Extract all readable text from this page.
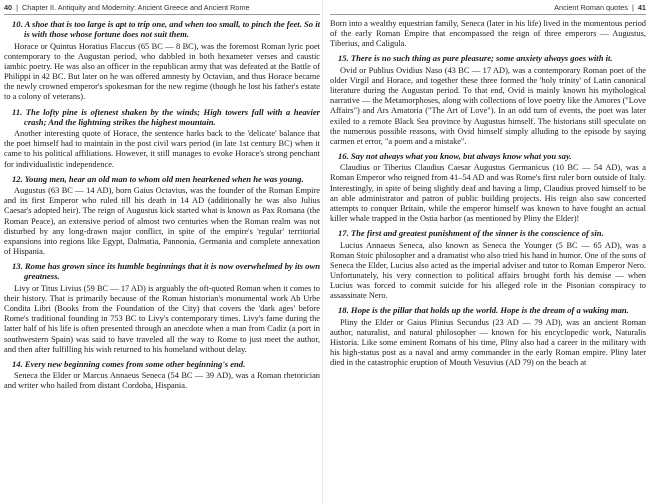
40 | Chapter II. Antiquity and Modernity: Ancient Greece and Ancient Rome
10. A shoe that is too large is apt to trip one, and when too small, to pinch the feet. So it is with those whose fortune does not suit them.

Horace or Quintus Horatius Flaccus (65 BC — 8 BC), was the foremost Roman lyric poet contemporary to the Augustan period, who dabbled in both hexameter verses and caustic iambic poetry. He was also an officer in the republican army that was defeated at the Battle of Philippi in 42 BC. But later on he was offered amnesty by Octavian, and thus Horace became the newly crowned emperor's spokesman for the new regime (though he lost his father's estate to a colony of veterans).

11. The lofty pine is oftenest shaken by the winds; High towers fall with a heavier crash; And the lightning strikes the highest mountain.

Another interesting quote of Horace, the sentence harks back to the 'delicate' balance that the poet himself had to maintain in the post civil wars period (in late 1st century BC) when it came to his political affiliations. However, it still manages to evoke Horace's strong penchant for individualistic independence.

12. Young men, hear an old man to whom old men hearkened when he was young.

Augustus (63 BC — 14 AD), born Gaius Octavius, was the founder of the Roman Empire and its first Emperor who ruled till his death in 14 AD (additionally he was also Julius Caesar's adopted heir). The reign of Augustus kick started what is known as Pax Romana (the Roman Peace), an extensive period of almost two centuries when the Roman realm was not disturbed by any long-drawn major conflict, in spite of the empire's 'regular' territorial expansions into regions like Egypt, Dalmatia, Pannonia, Germania and complete annexation of Hispania.

13. Rome has grown since its humble beginnings that it is now overwhelmed by its own greatness.

Livy or Titus Livius (59 BC — 17 AD) is arguably the oft-quoted Roman when it comes to their history. That is primarily because of the Roman historian's monumental work Ab Urbe Condita Libri (Books from the Foundation of the City) that covers the 'dark ages' before Rome's traditional founding in 753 BC to Livy's contemporary times. Livy's fame during the latter half of his life is often presented through an anecdote when a man from Cadiz (a port in southwestern Spain) was said to have traveled all the way to Rome to just meet the author, and then after fulfilling his wish returned to his homeland without delay.

14. Every new beginning comes from some other beginning's end.

Seneca the Elder or Marcus Annaeus Seneca (54 BC — 39 AD), was a Roman rhetorician and writer who hailed from distant Cordoba, Hispania.

Ancient Roman quotes | 41

Born into a wealthy equestrian family, Seneca (later in his life) lived in the momentous period of the early Roman Empire that encompassed the reign of three emperors — Augustus, Tiberius, and Caligula.

15. There is no such thing as pure pleasure; some anxiety always goes with it.

Ovid or Publius Ovidius Naso (43 BC — 17 AD), was a contemporary Roman poet of the older Virgil and Horace, and together these three formed the 'holy trinity' of Latin canonical literature during the Augustan period. To that end, Ovid is mainly known his mythological narrative — the Metamorphoses, along with collections of love poetry like the Amores ("Love Affairs") and Ars Amatoria ("The Art of Love"). In an odd turn of events, the poet was later exiled to a remote Black Sea province by Augustus himself. The historians still speculate on the numerous possible reasons, with Ovid himself simply alluding to the episode by saying carmen et error, "a poem and a mistake".

16. Say not always what you know, but always know what you say.

Claudius or Tiberius Claudius Caesar Augustus Germanicus (10 BC — 54 AD), was a Roman Emperor who reigned from 41–54 AD and was Rome's first ruler born outside of Italy. Interestingly, in spite of being slightly deaf and having a limp, Claudius proved himself to be an able administrator and patron of public building projects. His reign also saw concerted attempts to conquer Britain, while the emperor himself was known to have fought an actual killer whale trapped in the Ostia harbor (as mentioned by Pliny the Elder)!

17. The first and greatest punishment of the sinner is the conscience of sin.

Lucius Annaeus Seneca, also known as Seneca the Younger (5 BC — 65 AD), was a Roman Stoic philosopher and a dramatist who also tried his hand in humor. One of the sons of Seneca the Elder, Lucius also acted as the imperial adviser and tutor to Roman Emperor Nero. Unfortunately, his very connection to political affairs brought forth his demise — when Lucius was forced to commit suicide for his alleged role in the Pisonian conspiracy to assassinate Nero.

18. Hope is the pillar that holds up the world. Hope is the dream of a waking man.

Pliny the Elder or Gaius Plinius Secundus (23 AD — 79 AD), was an ancient Roman author, naturalist, and natural philosopher — known for his encyclopedic work, Naturalis Historia. Like some eminent Romans of his time, Pliny also had a career in the military with his high-status post as a naval and army commander in the early Roman empire. Pliny later died in the catastrophic eruption of Mouth Vesuvius (AD 79) on the beach at
